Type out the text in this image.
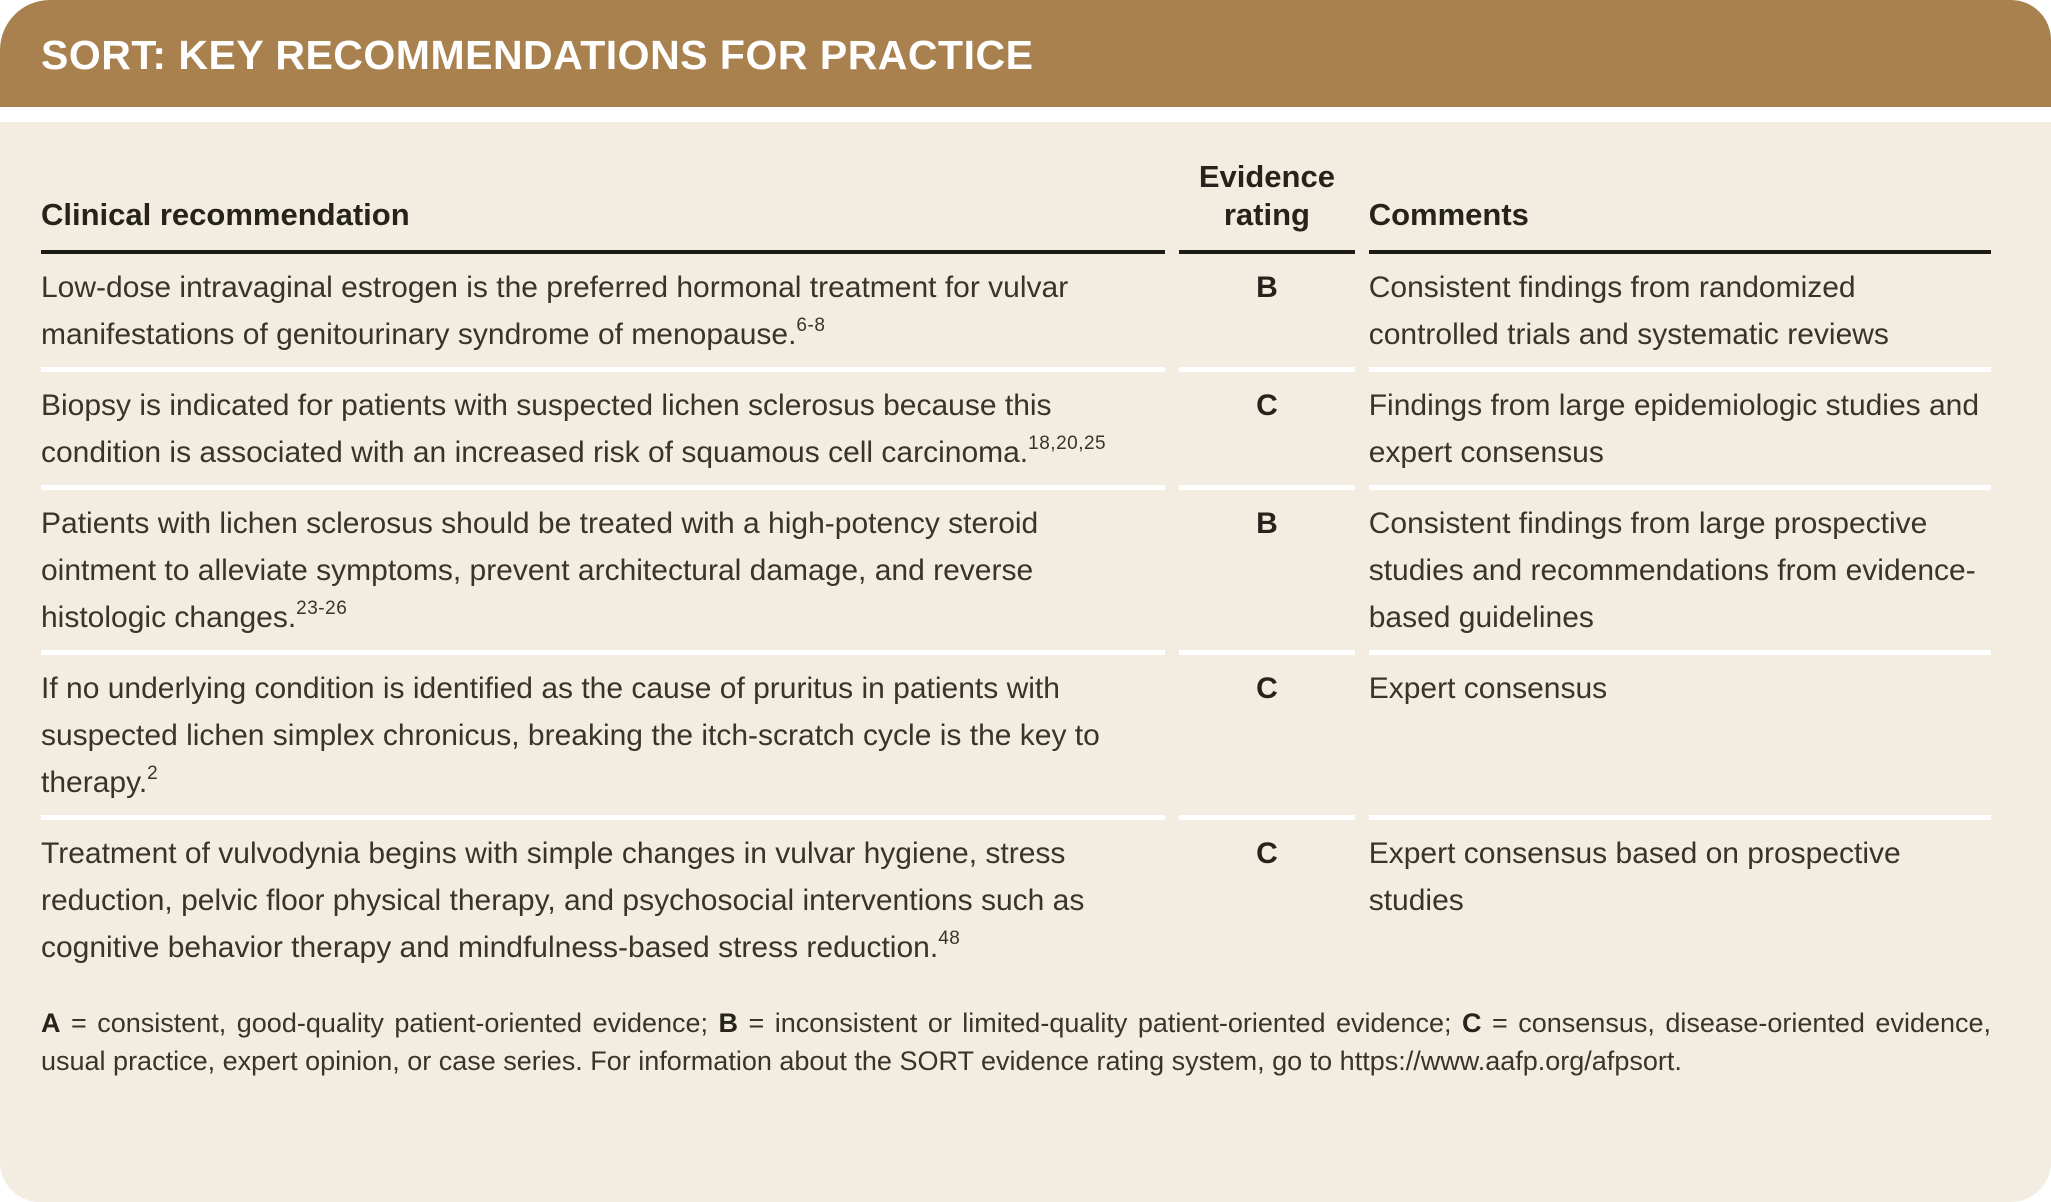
SORT: KEY RECOMMENDATIONS FOR PRACTICE
Clinical recommendation	Evidence rating	Comments
Low-dose intravaginal estrogen is the preferred hormonal treatment for vulvar manifestations of genitourinary syndrome of menopause.$^{6-8}$	B	Consistent findings from randomized controlled trials and systematic reviews
Biopsy is indicated for patients with suspected lichen sclerosus because this condition is associated with an increased risk of squamous cell carcinoma.$^{18,20,25}$	C	Findings from large epidemiologic studies and expert consensus
Patients with lichen sclerosus should be treated with a high-potency steroid ointment to alleviate symptoms, prevent architectural damage, and reverse histologic changes.$^{23-26}$	B	Consistent findings from large prospective studies and recommendations from evidence-based guidelines
If no underlying condition is identified as the cause of pruritus in patients with suspected lichen simplex chronicus, breaking the itch-scratch cycle is the key to therapy.$^2$	C	Expert consensus
Treatment of vulvodynia begins with simple changes in vulvar hygiene, stress reduction, pelvic floor physical therapy, and psychosocial interventions such as cognitive behavior therapy and mindfulness-based stress reduction.$^{48}$	C	Expert consensus based on prospective studies

A = consistent, good-quality patient-oriented evidence; B = inconsistent or limited-quality patient-oriented evidence; C = consensus, disease-oriented evidence, usual practice, expert opinion, or case series. For information about the SORT evidence rating system, go to https://www.aafp.org/afpsort.
